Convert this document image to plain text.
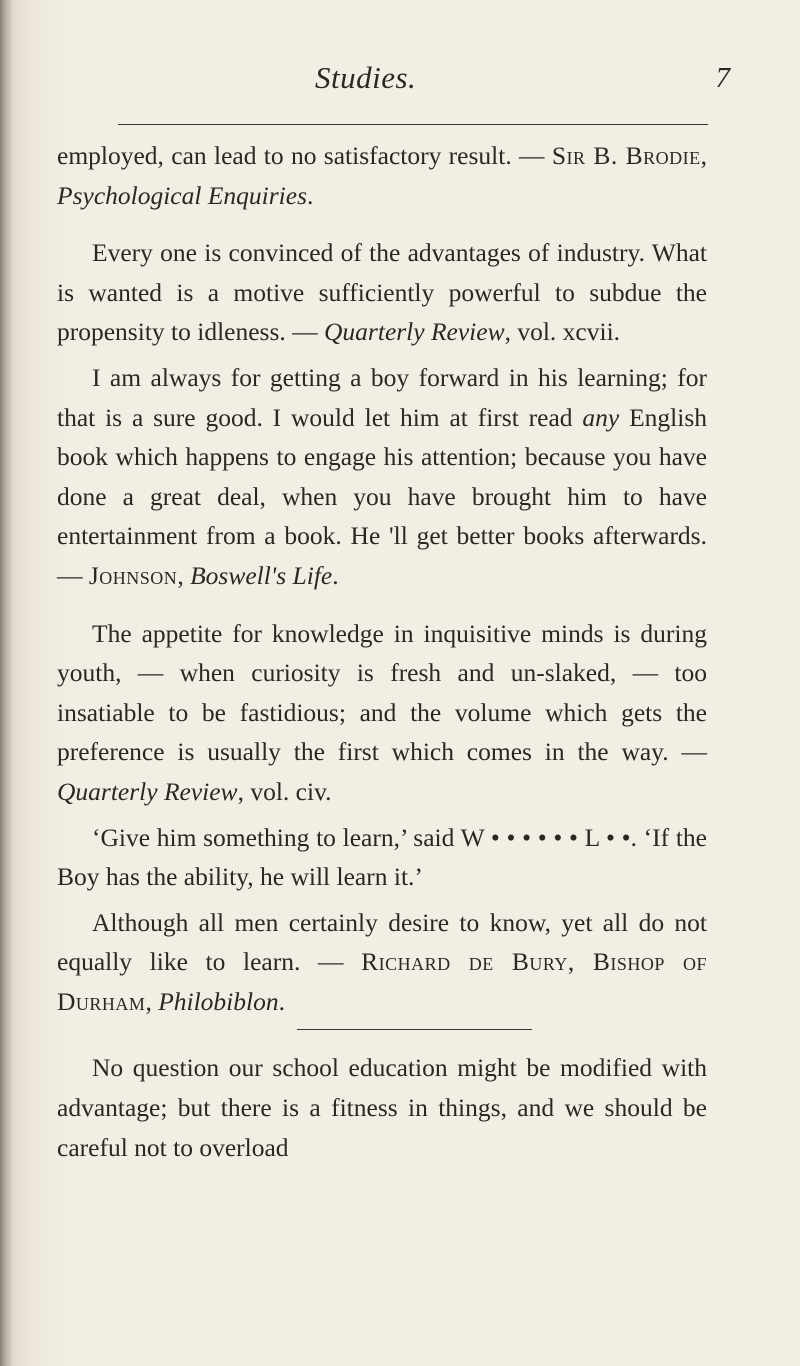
Studies.	7

employed, can lead to no satisfactory result. — Sir B. Brodie, Psychological Enquiries.

Every one is convinced of the advantages of industry. What is wanted is a motive sufficiently powerful to subdue the propensity to idleness. — Quarterly Review, vol. xcvii.

I am always for getting a boy forward in his learning; for that is a sure good. I would let him at first read any English book which happens to engage his attention; because you have done a great deal, when you have brought him to have entertainment from a book. He 'll get better books afterwards. — Johnson, Boswell's Life.

The appetite for knowledge in inquisitive minds is during youth, — when curiosity is fresh and un-slaked, — too insatiable to be fastidious; and the volume which gets the preference is usually the first which comes in the way. — Quarterly Review, vol. civ.

‘Give him something to learn,’ said W • • • • • • L • •. ‘If the Boy has the ability, he will learn it.’

Although all men certainly desire to know, yet all do not equally like to learn. — Richard de Bury, Bishop of Durham, Philobiblon.

No question our school education might be modified with advantage; but there is a fitness in things, and we should be careful not to overload
